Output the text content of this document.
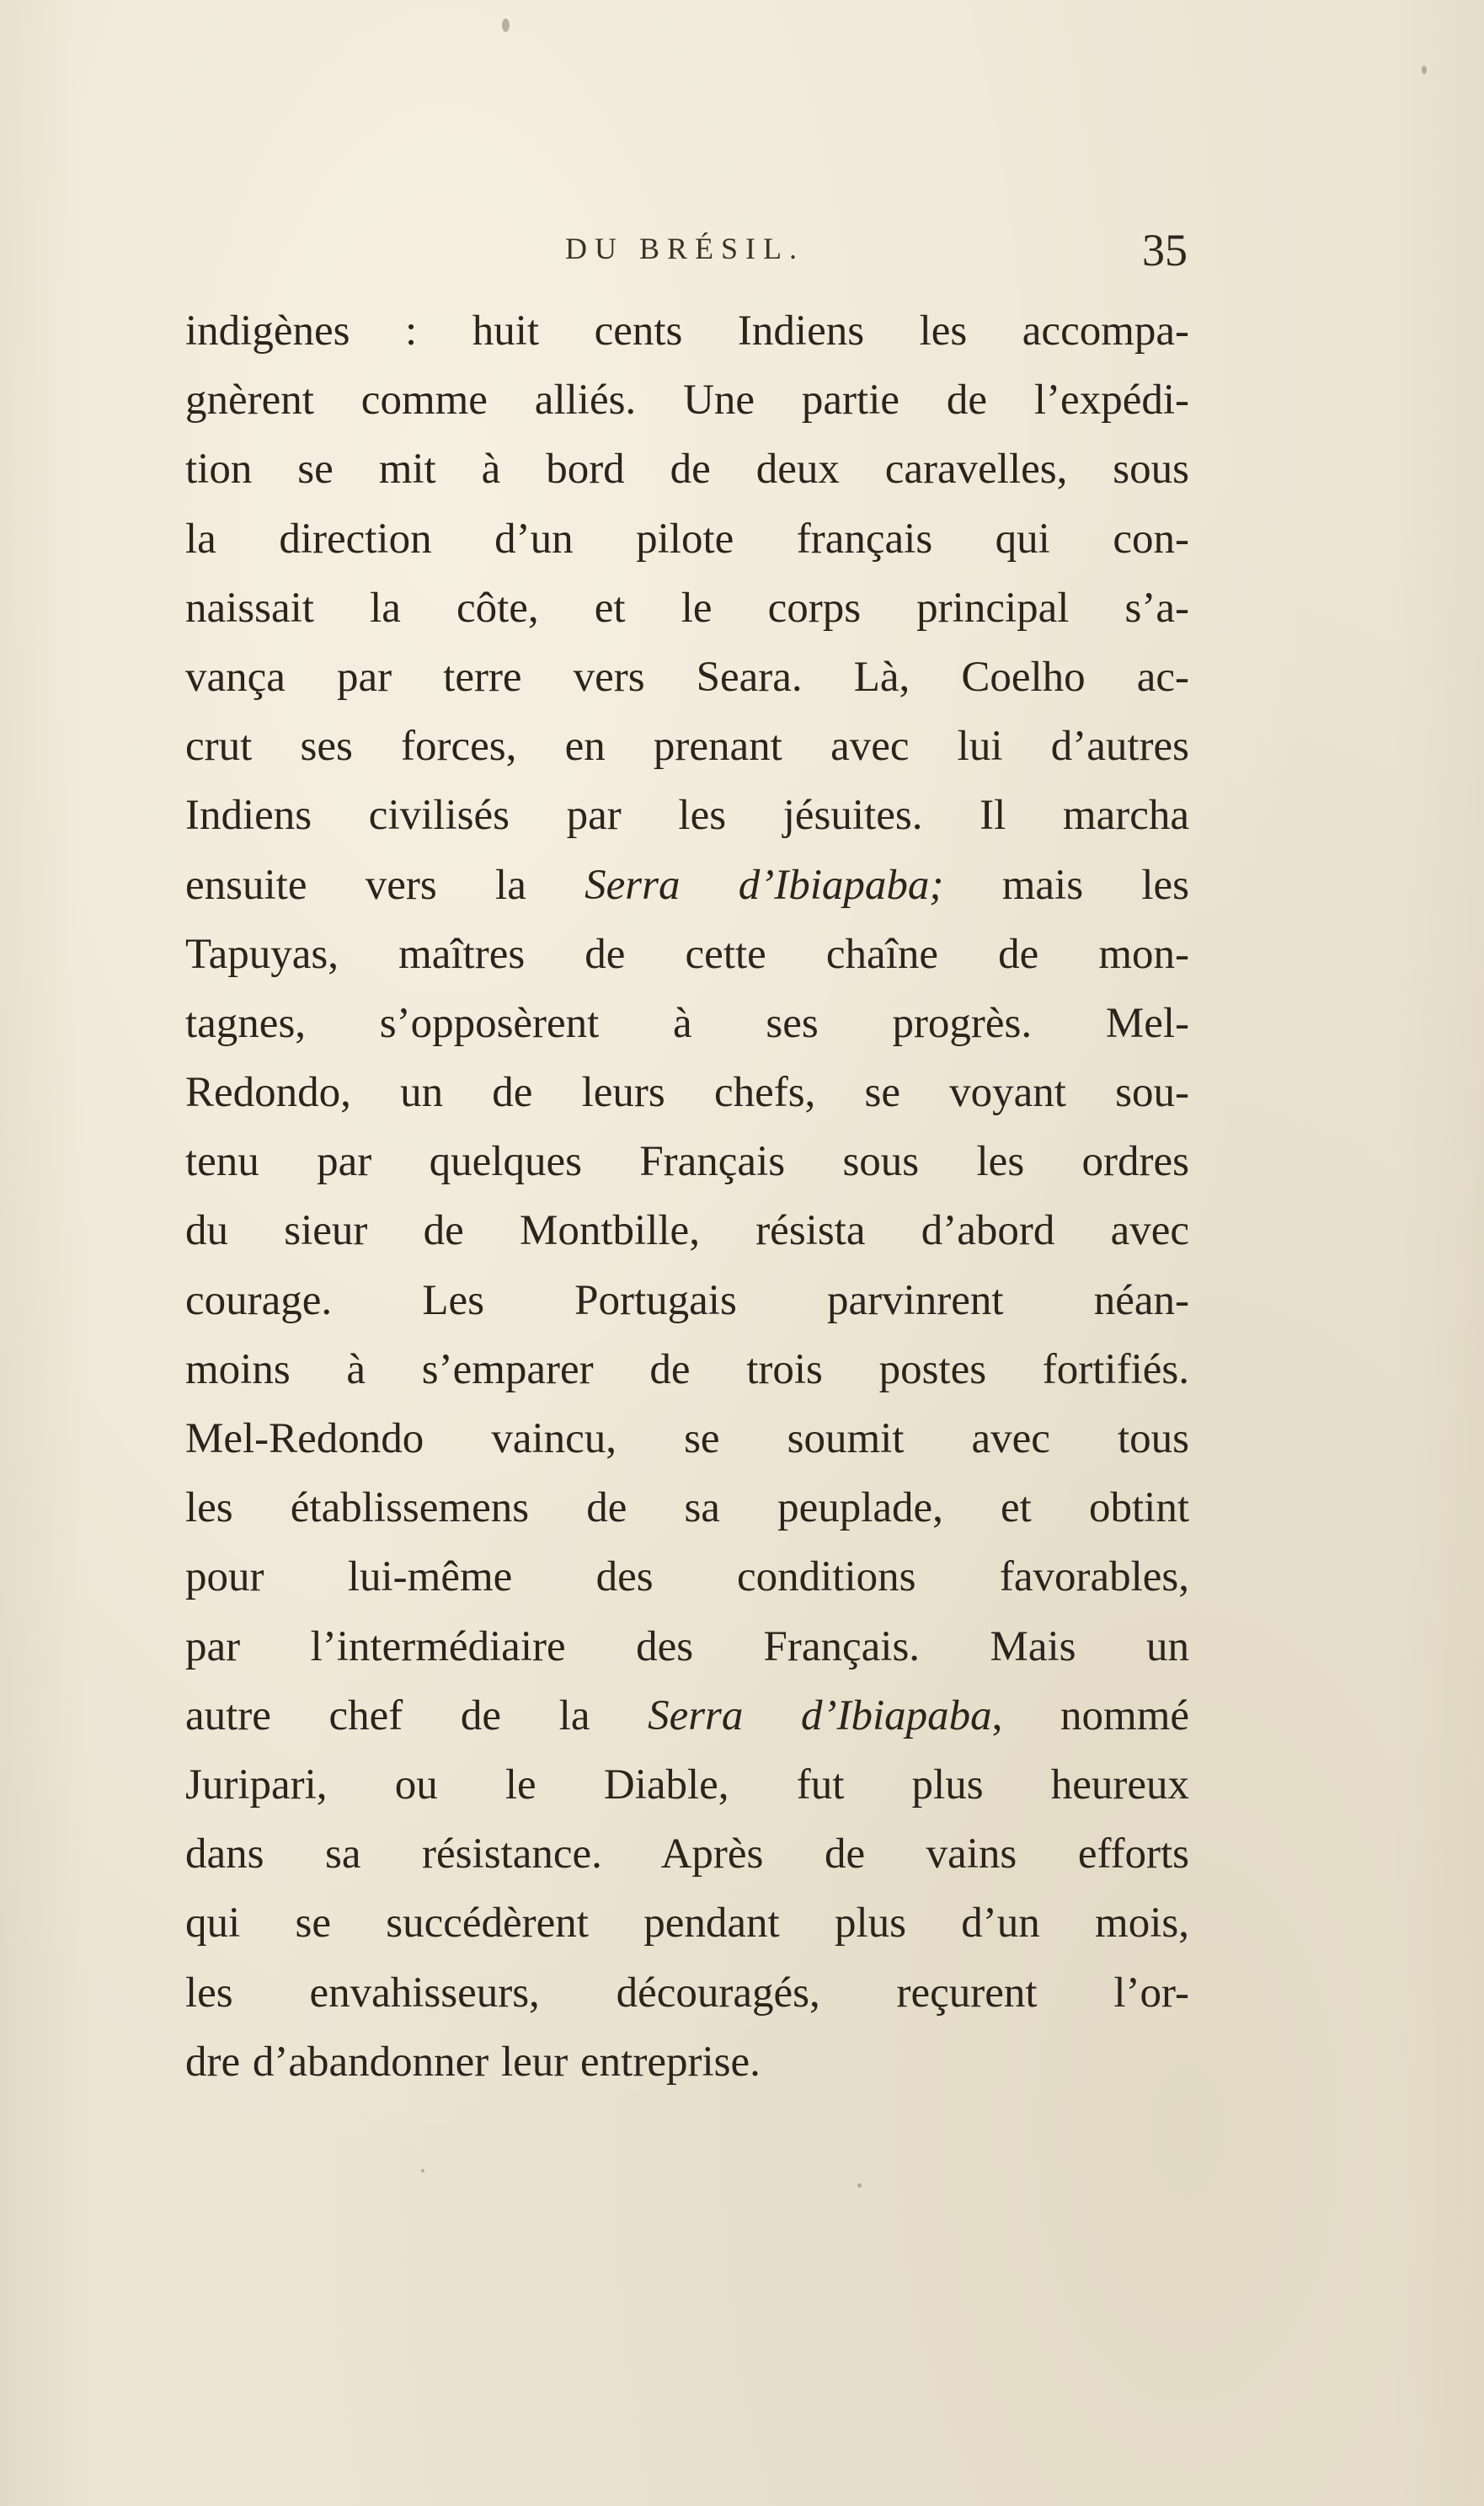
DU BRÉSIL.	35
indigènes : huit cents Indiens les accompa-
gnèrent comme alliés. Une partie de l’expédi-
tion se mit à bord de deux caravelles, sous
la direction d’un pilote français qui con-
naissait la côte, et le corps principal s’a-
vança par terre vers Seara. Là, Coelho ac-
crut ses forces, en prenant avec lui d’autres
Indiens civilisés par les jésuites. Il marcha
ensuite vers la Serra d’Ibiapaba; mais les
Tapuyas, maîtres de cette chaîne de mon-
tagnes, s’opposèrent à ses progrès. Mel-
Redondo, un de leurs chefs, se voyant sou-
tenu par quelques Français sous les ordres
du sieur de Montbille, résista d’abord avec
courage. Les Portugais parvinrent néan-
moins à s’emparer de trois postes fortifiés.
Mel-Redondo vaincu, se soumit avec tous
les établissemens de sa peuplade, et obtint
pour lui-même des conditions favorables,
par l’intermédiaire des Français. Mais un
autre chef de la Serra d’Ibiapaba, nommé
Juripari, ou le Diable, fut plus heureux
dans sa résistance. Après de vains efforts
qui se succédèrent pendant plus d’un mois,
les envahisseurs, découragés, reçurent l’or-
dre d’abandonner leur entreprise.
